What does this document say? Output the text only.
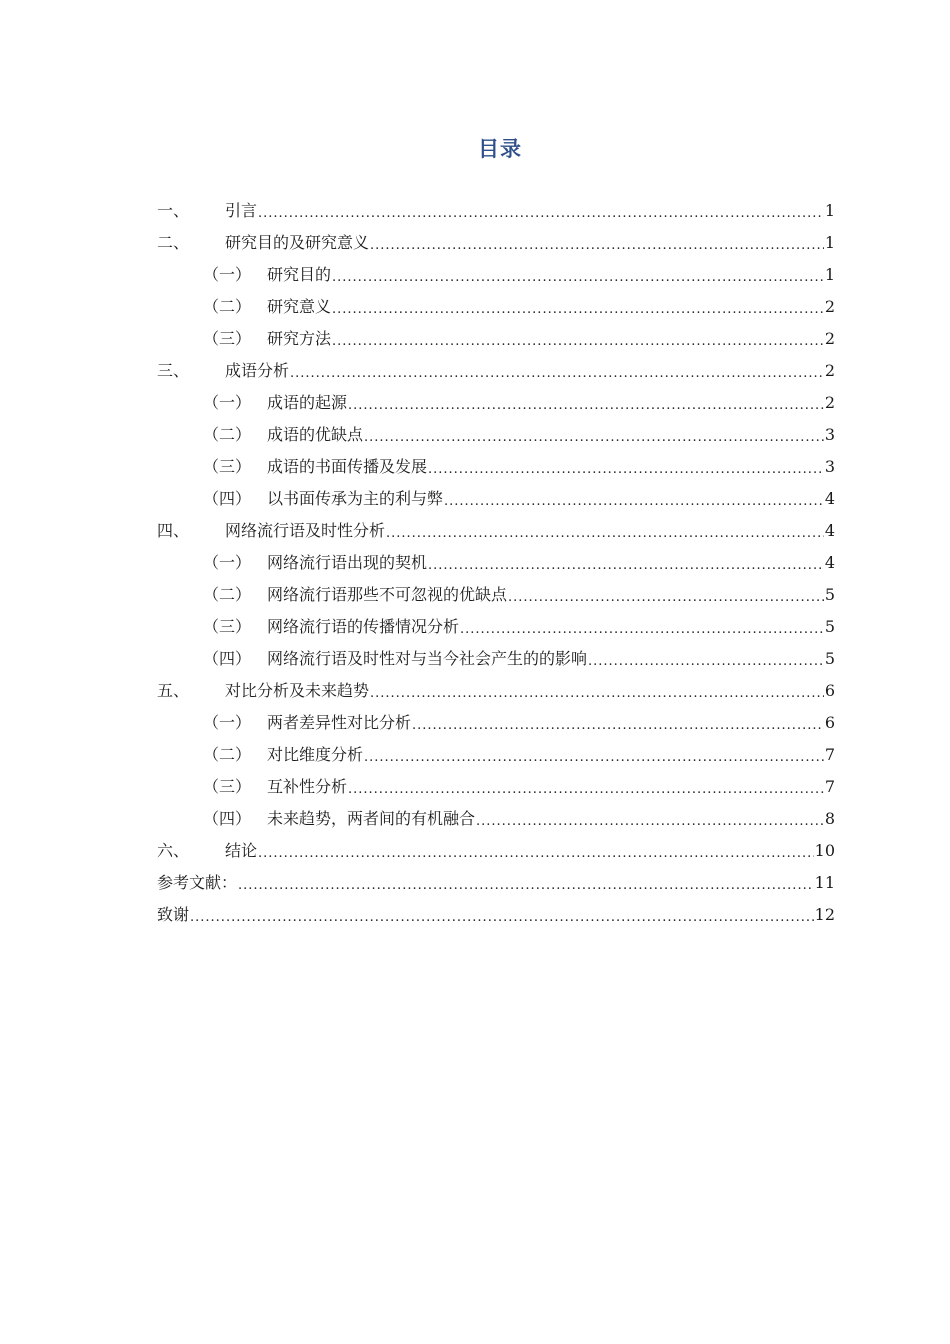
目录
一、	引言 .....	1
二、	研究目的及研究意义 .....	1
（一） 研究目的 .....	1
（二） 研究意义 .....	2
（三） 研究方法 .....	2
三、	成语分析 .....	2
（一） 成语的起源 .....	2
（二） 成语的优缺点 .....	3
（三） 成语的书面传播及发展 .....	3
（四） 以书面传承为主的利与弊 .....	4
四、	网络流行语及时性分析 .....	4
（一） 网络流行语出现的契机 .....	4
（二） 网络流行语那些不可忽视的优缺点 .....	5
（三） 网络流行语的传播情况分析 .....	5
（四） 网络流行语及时性对与当今社会产生的的影响 .....	5
五、	对比分析及未来趋势 .....	6
（一） 两者差异性对比分析 .....	6
（二） 对比维度分析 .....	7
（三） 互补性分析 .....	7
（四） 未来趋势，两者间的有机融合 .....	8
六、	结论 .....	10
参考文献： .....	11
致谢 .....	12
